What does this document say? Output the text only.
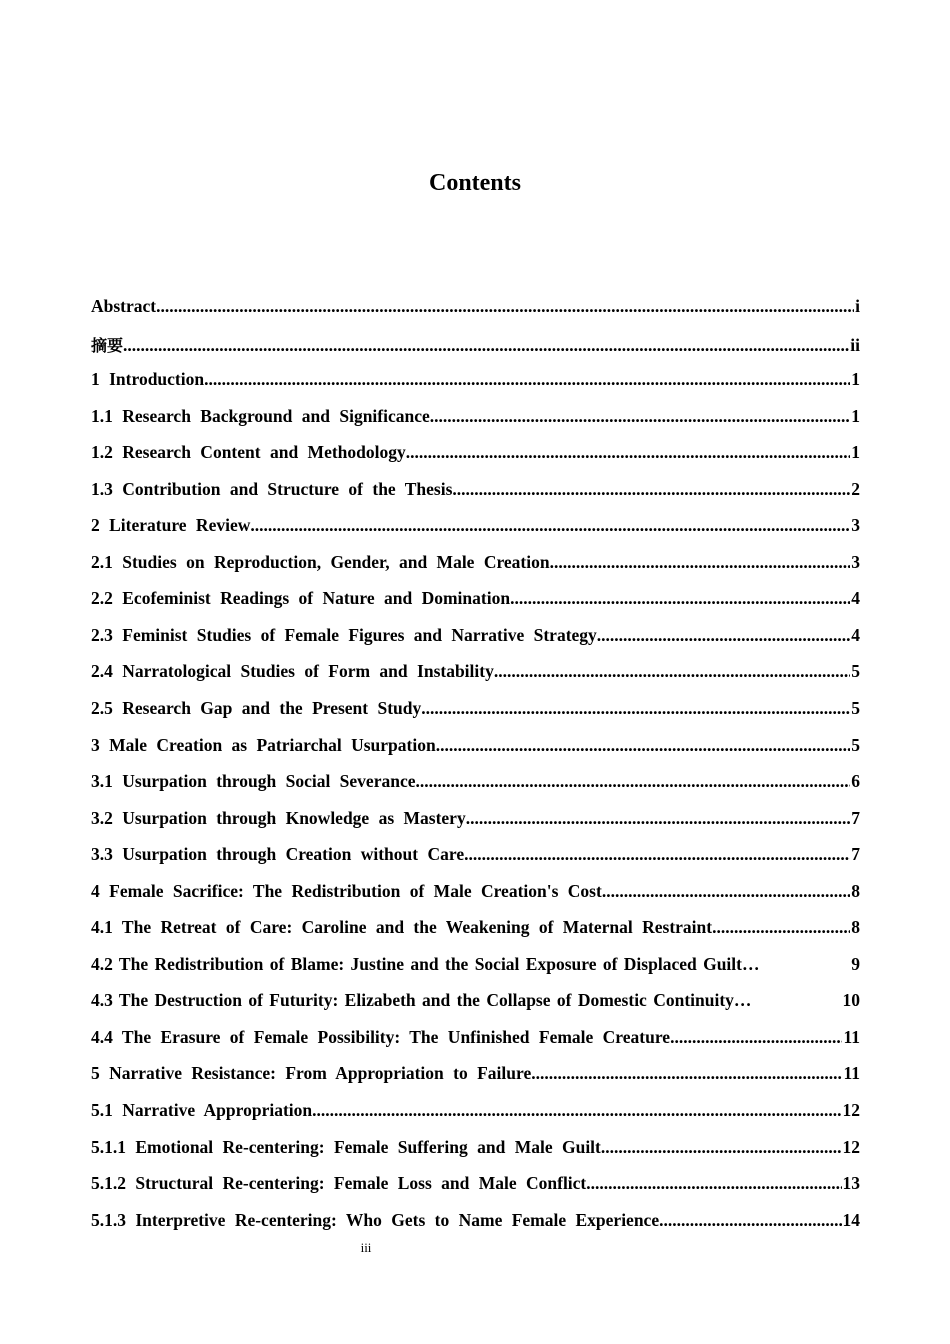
Contents
Abstract .....	i
摘要 .....	ii
1 Introduction .....	1
1.1 Research Background and Significance .....	1
1.2 Research Content and Methodology .....	1
1.3 Contribution and Structure of the Thesis .....	2
2 Literature Review .....	3
2.1 Studies on Reproduction, Gender, and Male Creation .....	3
2.2 Ecofeminist Readings of Nature and Domination .....	4
2.3 Feminist Studies of Female Figures and Narrative Strategy .....	4
2.4 Narratological Studies of Form and Instability .....	5
2.5 Research Gap and the Present Study .....	5
3 Male Creation as Patriarchal Usurpation .....	5
3.1 Usurpation through Social Severance .....	6
3.2 Usurpation through Knowledge as Mastery .....	7
3.3 Usurpation through Creation without Care .....	7
4 Female Sacrifice: The Redistribution of Male Creation's Cost .....	8
4.1 The Retreat of Care: Caroline and the Weakening of Maternal Restraint .....	8
4.2 The Redistribution of Blame: Justine and the Social Exposure of Displaced Guilt …	9
4.3 The Destruction of Futurity: Elizabeth and the Collapse of Domestic Continuity …	10
4.4 The Erasure of Female Possibility: The Unfinished Female Creature .....	11
5 Narrative Resistance: From Appropriation to Failure .....	11
5.1 Narrative Appropriation .....	12
5.1.1 Emotional Re-centering: Female Suffering and Male Guilt .....	12
5.1.2 Structural Re-centering: Female Loss and Male Conflict .....	13
5.1.3 Interpretive Re-centering: Who Gets to Name Female Experience .....	14
iii
